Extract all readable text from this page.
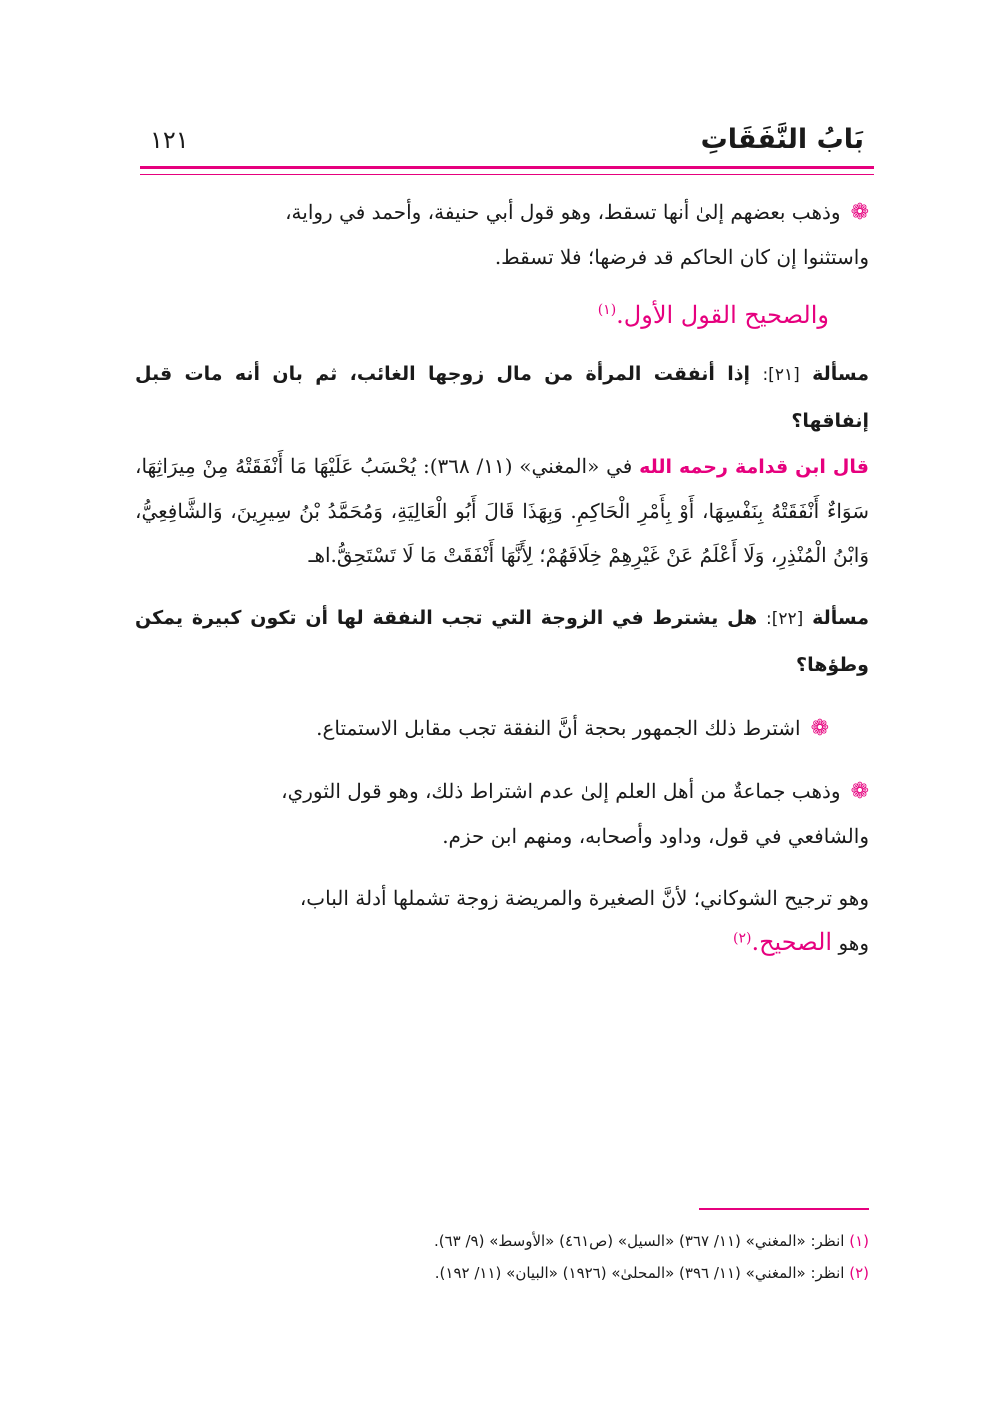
بَابُ النَّفَقَاتِ
١٢١

❁وذهب بعضهم إلىٰ أنها تسقط، وهو قول أبي حنيفة، وأحمد في رواية،
واستثنوا إن كان الحاكم قد فرضها؛ فلا تسقط.

والصحيح القول الأول.$^{(١)}$

مسألة [٢١]: إذا أنفقت المرأة من مال زوجها الغائب، ثم بان أنه مات قبل إنفاقها؟

قال ابن قدامة رحمه الله في «المغني» (١١/ ٣٦٨): يُحْسَبُ عَلَيْهَا مَا أَنْفَقَتْهُ مِنْ مِيرَاثِهَا، سَوَاءٌ أَنْفَقَتْهُ بِنَفْسِهَا، أَوْ بِأَمْرِ الْحَاكِمِ. وَبِهَذَا قَالَ أَبُو الْعَالِيَةِ، وَمُحَمَّدُ بْنُ سِيرِينَ، وَالشَّافِعِيُّ، وَابْنُ الْمُنْذِرِ، وَلَا أَعْلَمُ عَنْ غَيْرِهِمْ خِلَافَهُمْ؛ لِأَنَّهَا أَنْفَقَتْ مَا لَا تَسْتَحِقُّ.اهـ

مسألة [٢٢]: هل يشترط في الزوجة التي تجب النفقة لها أن تكون كبيرة يمكن وطؤها؟

❁اشترط ذلك الجمهور بحجة أنَّ النفقة تجب مقابل الاستمتاع.

❁وذهب جماعةٌ من أهل العلم إلىٰ عدم اشتراط ذلك، وهو قول الثوري،
والشافعي في قول، وداود وأصحابه، ومنهم ابن حزم.

وهو ترجيح الشوكاني؛ لأنَّ الصغيرة والمريضة زوجة تشملها أدلة الباب،
وهو الصحيح.$^{(٢)}$

(١) انظر: «المغني» (١١/ ٣٦٧) «السيل» (ص٤٦١) «الأوسط» (٩/ ٦٣).
(٢) انظر: «المغني» (١١/ ٣٩٦) «المحلىٰ» (١٩٢٦) «البيان» (١١/ ١٩٢).
